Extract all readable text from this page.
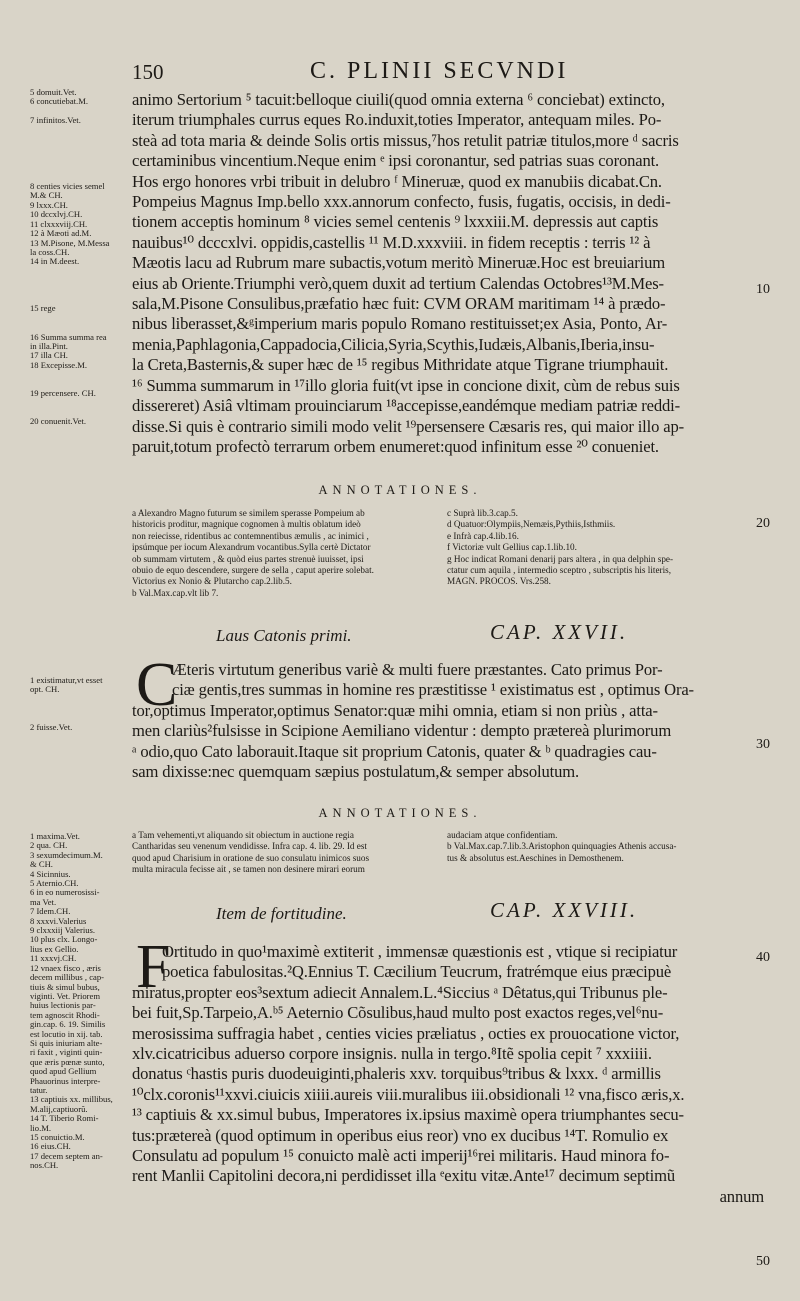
150	C. PLINII SECVNDI
10
20
30
40
50
5 domuit.Vet.
6 concutiebat.M.

7 infinitos.Vet.

8 centies vicies semel
M.& CH.
9 lxxx.CH.
10 dccxlvj.CH.
11 clxxxviij.CH.
12 à Mæoti ad.M.
13 M.Pisone, M.Messa
la coss.CH.
14 in M.deest.

15 rege

16 Summa summa rea
in illa.Pint.
17 illa CH.
18 Excepisse.M.

19 percensere. CH.

20 conuenit.Vet.
animo Sertorium ⁵ tacuit:belloque ciuili(quod omnia externa ⁶ conciebat) extincto,
iterum triumphales currus eques Ro.induxit,toties Imperator, antequam miles. Po-
steà ad tota maria & deinde Solis ortis missus,⁷hos retulit patriæ titulos,more ᵈ sacris
certaminibus vincentium.Neque enim ᵉ ipsi coronantur, sed patrias suas coronant.
Hos ergo honores vrbi tribuit in delubro ᶠ Mineruæ, quod ex manubiis dicabat.Cn.
Pompeius Magnus Imp.bello xxx.annorum confecto, fusis, fugatis, occisis, in dedi-
tionem acceptis hominum ⁸ vicies semel centenis ⁹ lxxxiii.M. depressis aut captis
nauibus¹⁰ dcccxlvi. oppidis,castellis ¹¹ M.D.xxxviii. in fidem receptis : terris ¹² à
Mæotis lacu ad Rubrum mare subactis,votum meritò Mineruæ.Hoc est breuiarium
eius ab Oriente.Triumphi verò,quem duxit ad tertium Calendas Octobres¹³M.Mes-
sala,M.Pisone Consulibus,præfatio hæc fuit: CVM ORAM maritimam ¹⁴ à prædo-
nibus liberasset,&ᵍimperium maris populo Romano restituisset;ex Asia, Ponto, Ar-
menia,Paphlagonia,Cappadocia,Cilicia,Syria,Scythis,Iudæis,Albanis,Iberia,insu-
la Creta,Basternis,& super hæc de ¹⁵ regibus Mithridate atque Tigrane triumphauit.
¹⁶ Summa summarum in ¹⁷illo gloria fuit(vt ipse in concione dixit, cùm de rebus suis
dissereret) Asiâ vltimam prouinciarum ¹⁸accepisse,eandémque mediam patriæ reddi-
disse.Si quis è contrario simili modo velit ¹⁹persensere Cæsaris res, qui maior illo ap-
paruit,totum profectò terrarum orbem enumeret:quod infinitum esse ²⁰ conueniet.
ANNOTATIONES.
a Alexandro Magno futurum se similem sperasse Pompeium ab
historicis proditur, magnique cognomen à multis oblatum ideò
non reiecisse, ridentibus ac contemnentibus æmulis , ac inimici ,
ipsúmque per iocum Alexandrum vocantibus.Sylla certè Dictator
ob summam virtutem , & quòd eius partes strenuè iuuisset, ipsi
obuio de equo descendere, surgere de sella , caput aperire solebat.
Victorius ex Nonio & Plutarcho cap.2.lib.5.
b Val.Max.cap.vlt lib 7.
c Suprà lib.3.cap.5.
d Quatuor:Olympiis,Nemæis,Pythiis,Isthmiis.
e Infrà cap.4.lib.16.
f Victoriæ vult Gellius cap.1.lib.10.
g Hoc indicat Romani denarij pars altera , in qua delphin spe-
ctatur cum aquila , intermedio sceptro , subscriptis his literis,
MAGN. PROCOS. Vrs.258.
Laus Catonis primi.	CAP. XXVII.
1 existimatur,vt esset
opt. CH.

2 fuisse.Vet.
C
Æteris virtutum generibus variè & multi fuere præstantes. Cato primus Por-
ciæ gentis,tres summas in homine res præstitisse ¹ existimatus est , optimus Ora-
tor,optimus Imperator,optimus Senator:quæ mihi omnia, etiam si non priùs , atta-
men clariùs²fulsisse in Scipione Aemiliano videntur : dempto prætereà plurimorum
ᵃ odio,quo Cato laborauit.Itaque sit proprium Catonis, quater & ᵇ quadragies cau-
sam dixisse:nec quemquam sæpius postulatum,& semper absolutum.
ANNOTATIONES.
a Tam vehementi,vt aliquando sit obiectum in auctione regia
Cantharidas seu venenum vendidisse. Infra cap. 4. lib. 29. Id est
quod apud Charisium in oratione de suo consulatu inimicos suos
multa miracula fecisse ait , se tamen non desinere mirari eorum
audaciam atque confidentiam.
b Val.Max.cap.7.lib.3.Aristophon quinquagies Athenis accusa-
tus & absolutus est.Aeschines in Demosthenem.
Item de fortitudine.	CAP. XXVIII.
1 maxima.Vet.
2 qua. CH.
3 sexumdecimum.M.
& CH.
4 Sicinnius.
5 Aternio.CH.
6 in eo numerosissi-
ma Vet.
7 Idem.CH.
8 xxxvi.Valerius
9 clxxxiij Valerius.
10 plus clx. Longo-
lius ex Gellio.
11 xxxvj.CH.
12 vnaex fisco , æris
decem millibus , cap-
tiuis & simul bubus,
viginti. Vet. Priorem
huius lectionis par-
tem agnoscit Rhodi-
gin.cap. 6. 19. Similis
est locutio in xij. tab.
Si quis iniuriam alte-
ri faxit , viginti quin-
que æris pœnæ sunto,
quod apud Gellium
Phauorinus interpre-
tatur.
13 captiuis xx. millibus,
M.alij,captiuorũ.
14 T. Tiberio Romi-
lio.M.
15 conuictio.M.
16 eius.CH.
17 decem septem an-
nos.CH.
F
Ortitudo in quo¹maximè extiterit , immensæ quæstionis est , vtique si recipiatur
poetica fabulositas.²Q.Ennius T. Cæcilium Teucrum, fratrémque eius præcipuè
miratus,propter eos³sextum adiecit Annalem.L.⁴Siccius ᵃ Dêtatus,qui Tribunus ple-
bei fuit,Sp.Tarpeio,A.ᵇ⁵ Aeternio Cõsulibus,haud multo post exactos reges,vel⁶nu-
merosissima suffragia habet , centies vicies præliatus , octies ex prouocatione victor,
xlv.cicatricibus aduerso corpore insignis. nulla in tergo.⁸Itẽ spolia cepit ⁷ xxxiiii.
donatus ᶜhastis puris duodeuiginti,phaleris xxv. torquibus⁹tribus & lxxx. ᵈ armillis
¹⁰clx.coronis¹¹xxvi.ciuicis xiiii.aureis viii.muralibus iii.obsidionali ¹² vna,fisco æris,x.
¹³ captiuis & xx.simul bubus, Imperatores ix.ipsius maximè opera triumphantes secu-
tus:prætereà (quod optimum in operibus eius reor) vno ex ducibus ¹⁴T. Romulio ex
Consulatu ad populum ¹⁵ conuicto malè acti imperij¹⁶rei militaris. Haud minora fo-
rent Manlii Capitolini decora,ni perdidisset illa ᵉexitu vitæ.Ante¹⁷ decimum septimũ
annum
